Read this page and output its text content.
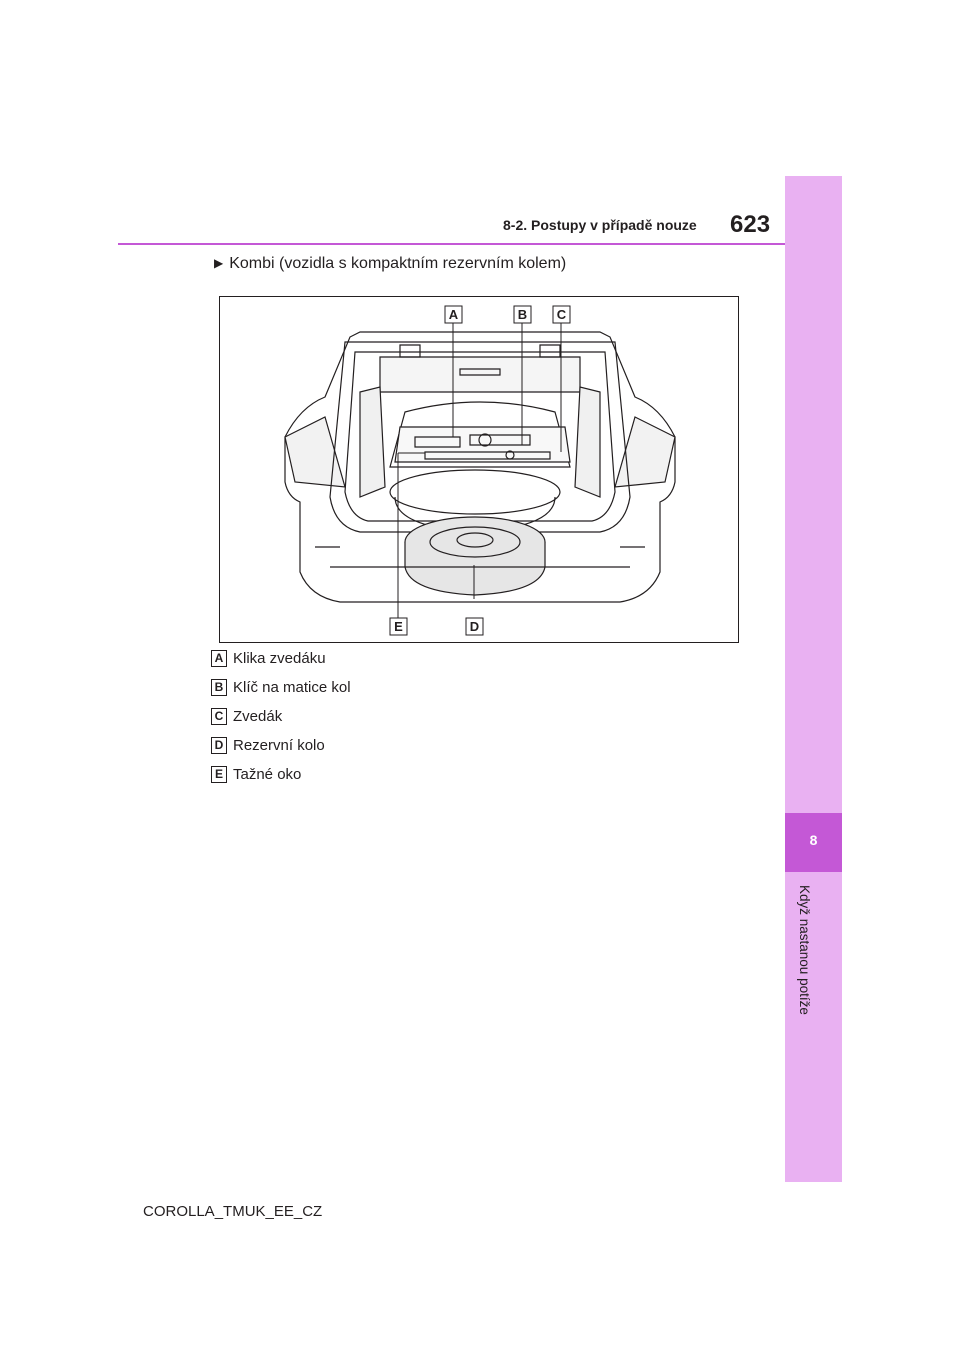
8
Když nastanou potíže
8-2. Postupy v případě nouze 623
▶ Kombi (vozidla s kompaktním rezervním kolem)
A	B C
D
E
A Klika zvedáku
B Klíč na matice kol
C Zvedák
D Rezervní kolo
E Tažné oko
COROLLA_TMUK_EE_CZ
